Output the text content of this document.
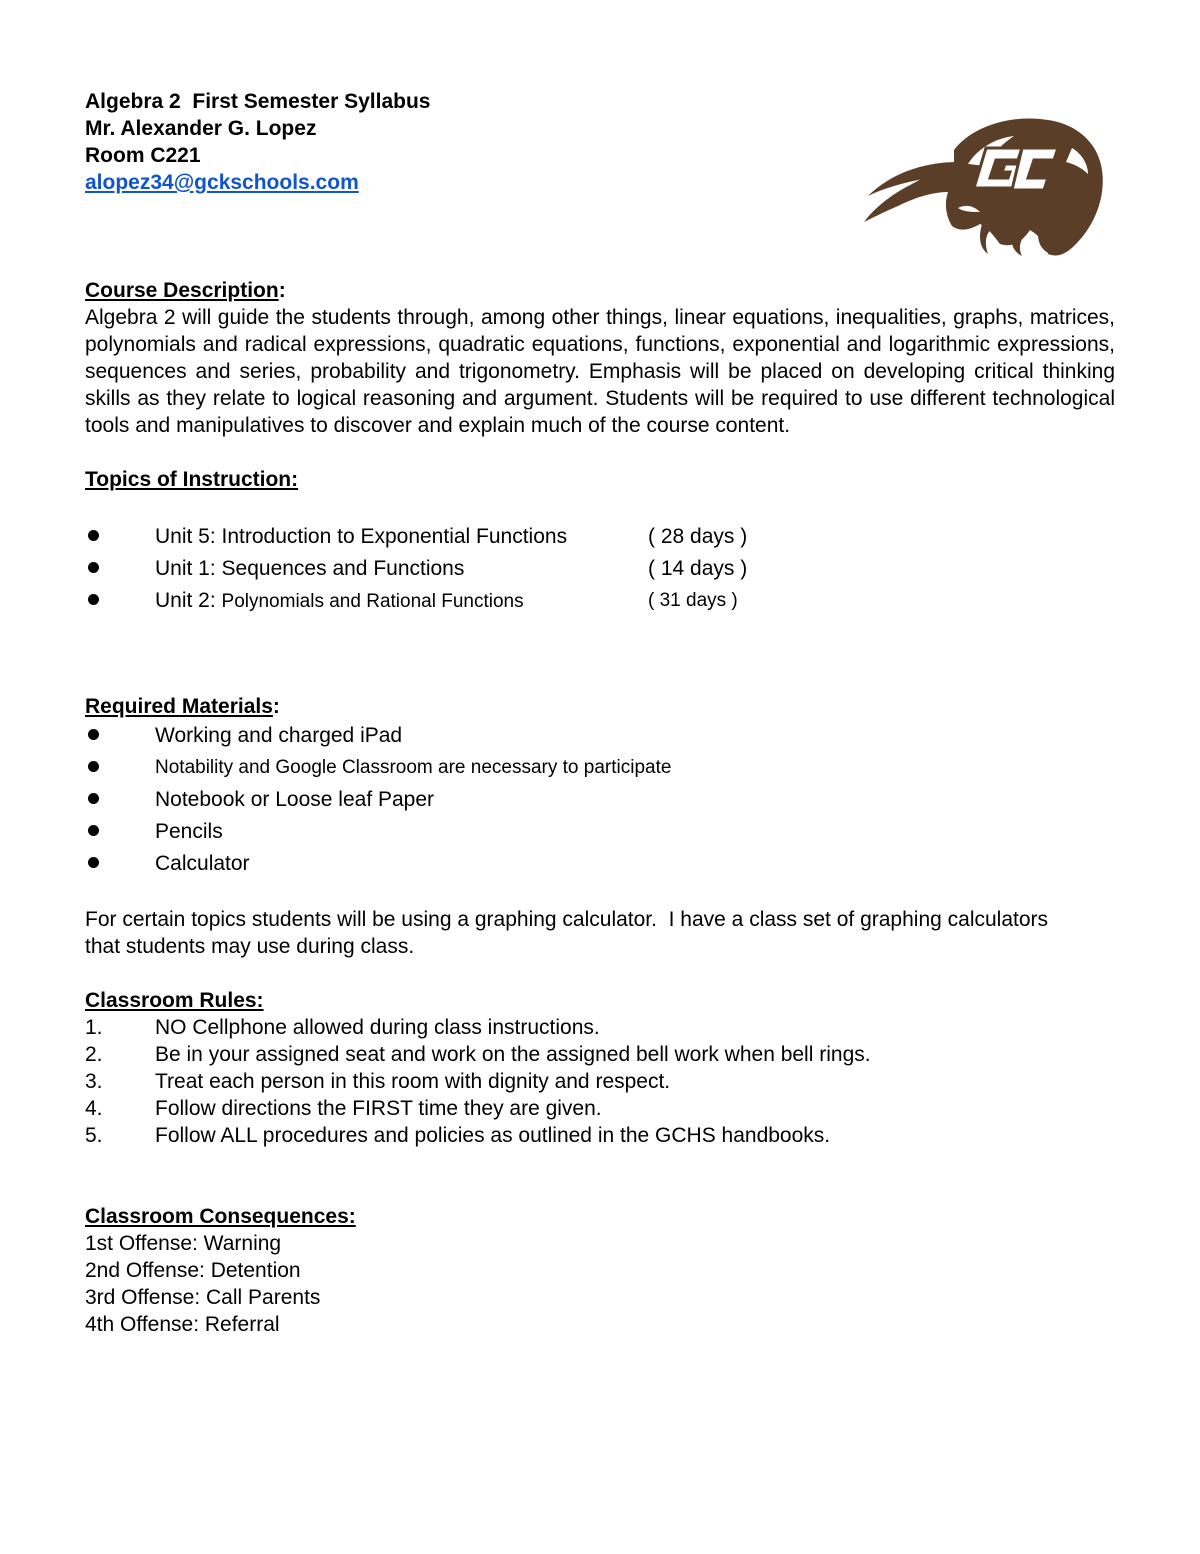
Algebra 2  First Semester Syllabus
Mr. Alexander G. Lopez
Room C221
alopez34@gckschools.com
Course Description:
Algebra 2 will guide the students through, among other things, linear equations, inequalities, graphs, matrices, polynomials and radical expressions, quadratic equations, functions, exponential and logarithmic expressions, sequences and series, probability and trigonometry. Emphasis will be placed on developing critical thinking skills as they relate to logical reasoning and argument. Students will be required to use different technological tools and manipulatives to discover and explain much of the course content.
Topics of Instruction:
Unit 5: Introduction to Exponential Functions	( 28 days )
Unit 1: Sequences and Functions	( 14 days )
Unit 2: Polynomials and Rational Functions	( 31 days )
Required Materials:
Working and charged iPad
Notability and Google Classroom are necessary to participate
Notebook or Loose leaf Paper
Pencils
Calculator
For certain topics students will be using a graphing calculator.  I have a class set of graphing calculators that students may use during class.
Classroom Rules:
1. NO Cellphone allowed during class instructions.
2. Be in your assigned seat and work on the assigned bell work when bell rings.
3. Treat each person in this room with dignity and respect.
4. Follow directions the FIRST time they are given.
5. Follow ALL procedures and policies as outlined in the GCHS handbooks.
Classroom Consequences:
1st Offense: Warning
2nd Offense: Detention
3rd Offense: Call Parents
4th Offense: Referral
